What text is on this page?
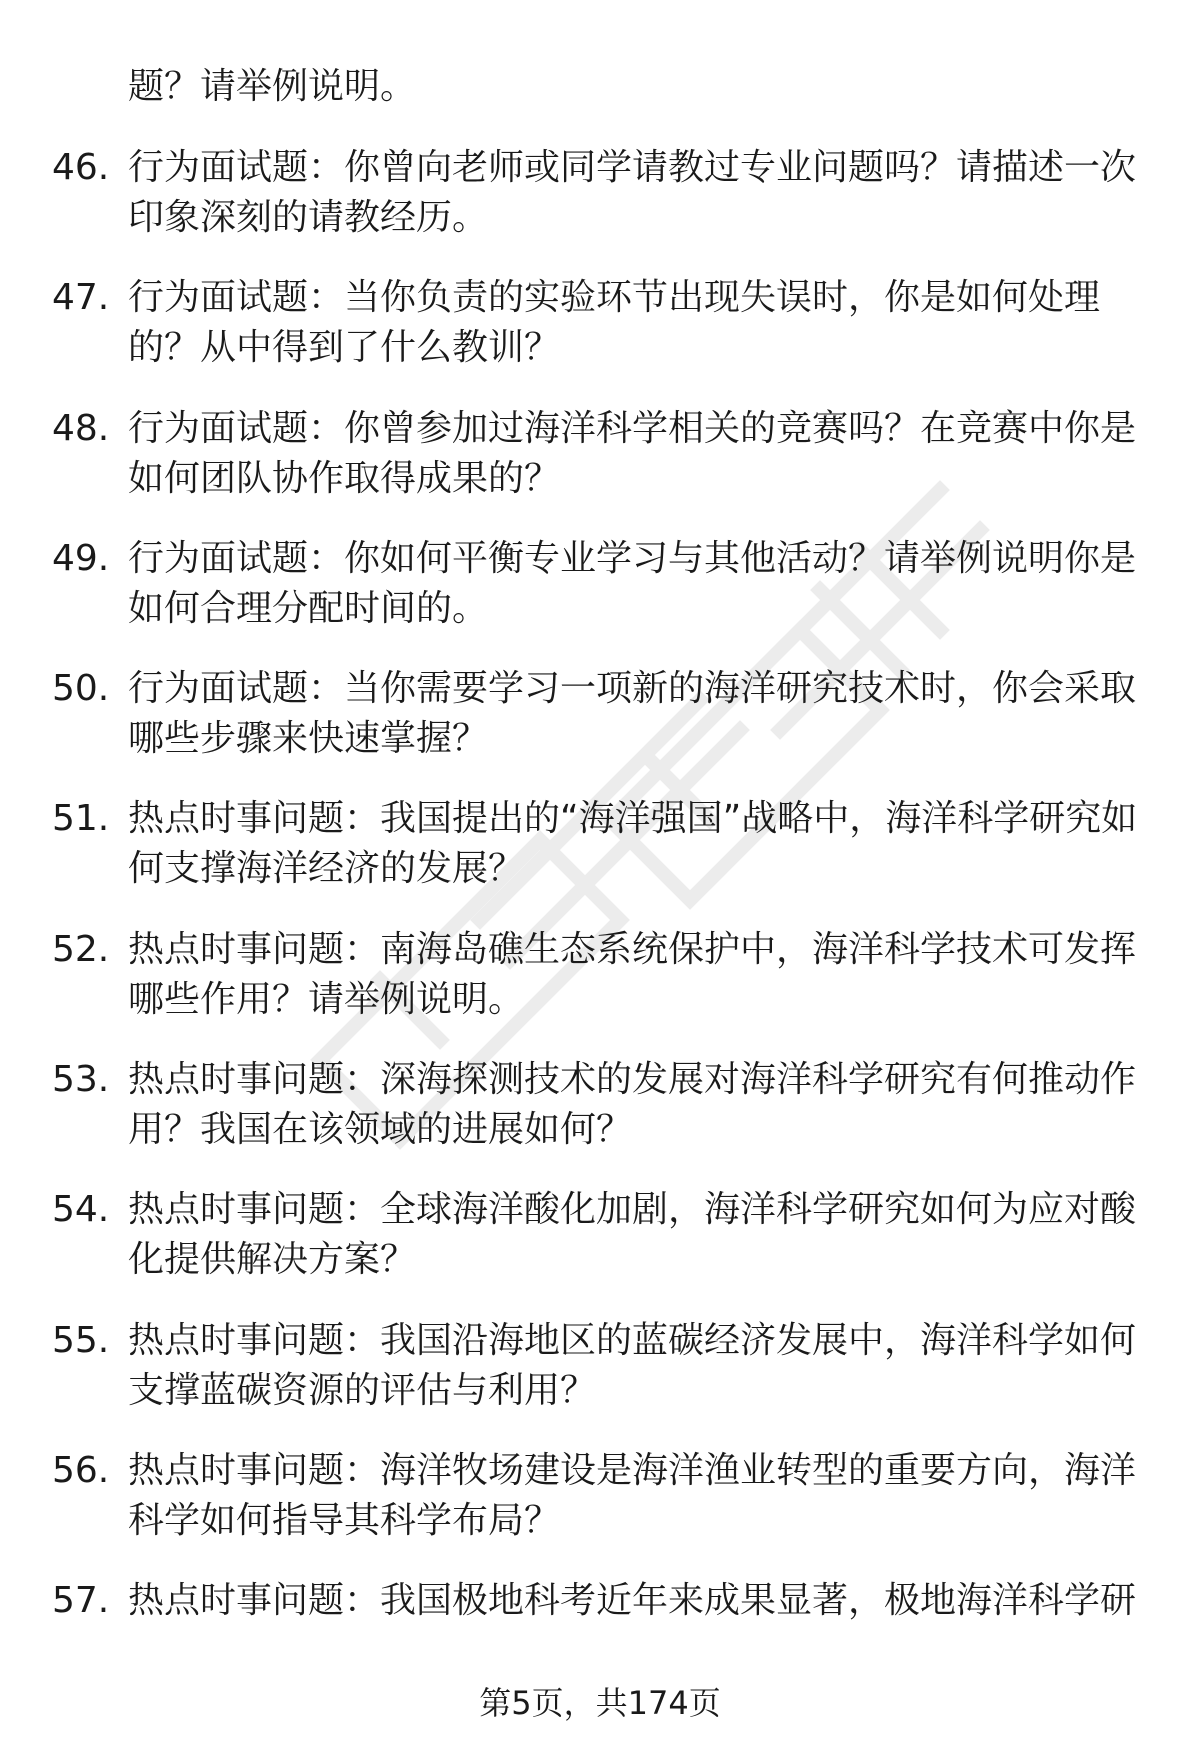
题？请举例说明。
46. 行为面试题：你曾向老师或同学请教过专业问题吗？请描述一次印象深刻的请教经历。
47. 行为面试题：当你负责的实验环节出现失误时，你是如何处理的？从中得到了什么教训？
48. 行为面试题：你曾参加过海洋科学相关的竞赛吗？在竞赛中你是如何团队协作取得成果的？
49. 行为面试题：你如何平衡专业学习与其他活动？请举例说明你是如何合理分配时间的。
50. 行为面试题：当你需要学习一项新的海洋研究技术时，你会采取哪些步骤来快速掌握？
51. 热点时事问题：我国提出的“海洋强国”战略中，海洋科学研究如何支撑海洋经济的发展？
52. 热点时事问题：南海岛礁生态系统保护中，海洋科学技术可发挥哪些作用？请举例说明。
53. 热点时事问题：深海探测技术的发展对海洋科学研究有何推动作用？我国在该领域的进展如何？
54. 热点时事问题：全球海洋酸化加剧，海洋科学研究如何为应对酸化提供解决方案？
55. 热点时事问题：我国沿海地区的蓝碳经济发展中，海洋科学如何支撑蓝碳资源的评估与利用？
56. 热点时事问题：海洋牧场建设是海洋渔业转型的重要方向，海洋科学如何指导其科学布局？
57. 热点时事问题：我国极地科考近年来成果显著，极地海洋科学研
第5页，共174页
